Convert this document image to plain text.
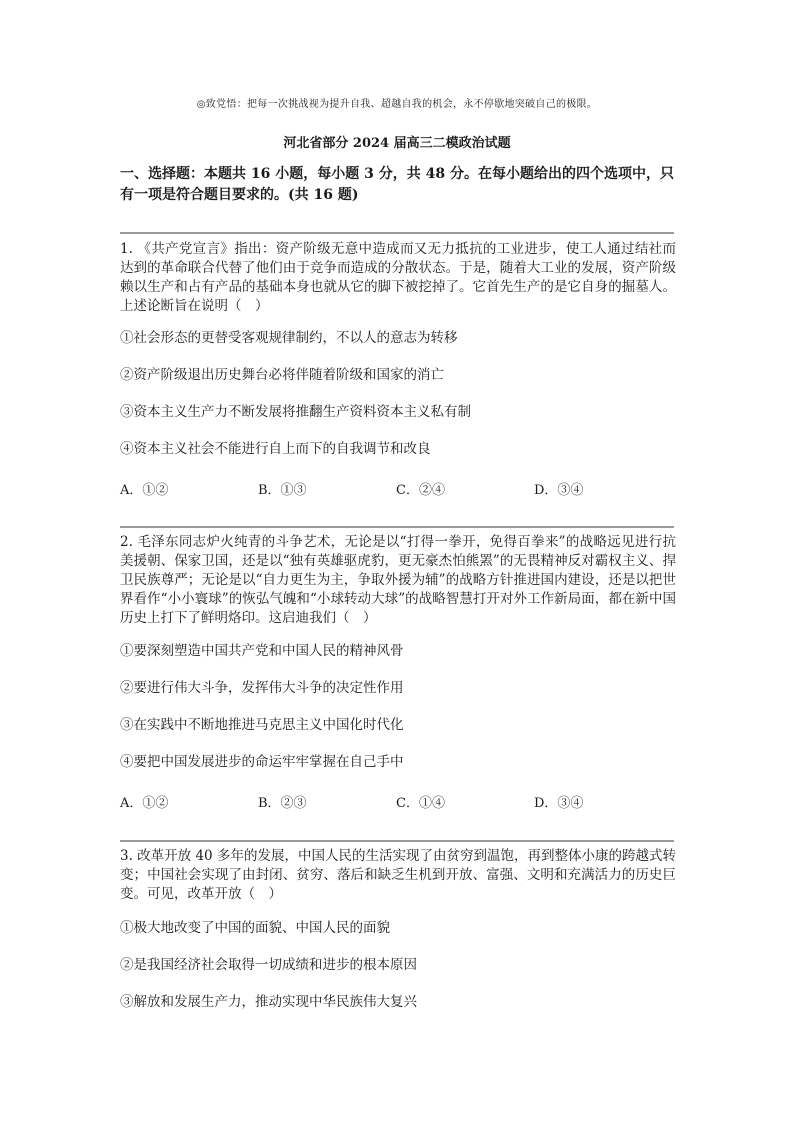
◎致党悟：把每一次挑战视为提升自我、超越自我的机会，永不停歇地突破自己的极限。
河北省部分 2024 届高三二模政治试题
一、选择题：本题共 16 小题，每小题 3 分，共 48 分。在每小题给出的四个选项中，只有一项是符合题目要求的。(共 16 题)
1. 《共产党宣言》指出：资产阶级无意中造成而又无力抵抗的工业进步，使工人通过结社而达到的革命联合代替了他们由于竞争而造成的分散状态。于是，随着大工业的发展，资产阶级赖以生产和占有产品的基础本身也就从它的脚下被挖掉了。它首先生产的是它自身的掘墓人。上述论断旨在说明（　）
①社会形态的更替受客观规律制约，不以人的意志为转移
②资产阶级退出历史舞台必将伴随着阶级和国家的消亡
③资本主义生产力不断发展将推翻生产资料资本主义私有制
④资本主义社会不能进行自上而下的自我调节和改良
A．①②	B．①③	C．②④	D．③④
2. 毛泽东同志炉火纯青的斗争艺术，无论是以“打得一拳开，免得百拳来”的战略远见进行抗美援朝、保家卫国，还是以“独有英雄驱虎豹，更无豪杰怕熊罴”的无畏精神反对霸权主义、捍卫民族尊严；无论是以“自力更生为主，争取外援为辅”的战略方针推进国内建设，还是以把世界看作“小小寰球”的恢弘气魄和“小球转动大球”的战略智慧打开对外工作新局面，都在新中国历史上打下了鲜明烙印。这启迪我们（　）
①要深刻塑造中国共产党和中国人民的精神风骨
②要进行伟大斗争，发挥伟大斗争的决定性作用
③在实践中不断地推进马克思主义中国化时代化
④要把中国发展进步的命运牢牢掌握在自己手中
A．①②	B．②③	C．①④	D．③④
3. 改革开放 40 多年的发展，中国人民的生活实现了由贫穷到温饱，再到整体小康的跨越式转变；中国社会实现了由封闭、贫穷、落后和缺乏生机到开放、富强、文明和充满活力的历史巨变。可见，改革开放（　）
①极大地改变了中国的面貌、中国人民的面貌
②是我国经济社会取得一切成绩和进步的根本原因
③解放和发展生产力，推动实现中华民族伟大复兴
